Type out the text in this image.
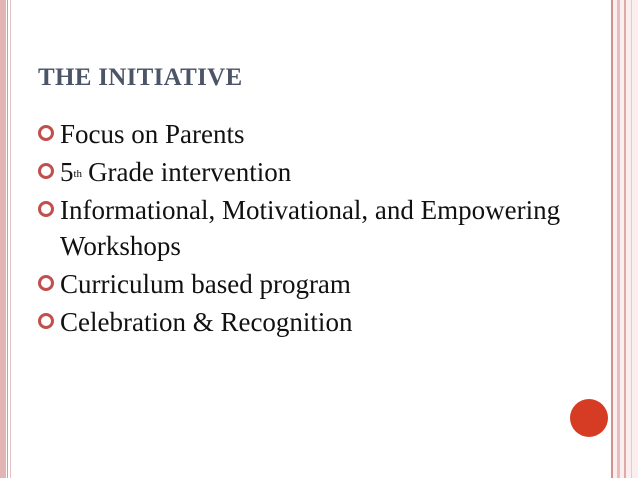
THE INITIATIVE
Focus on Parents
5th Grade intervention
Informational, Motivational, and Empowering Workshops
Curriculum based program
Celebration & Recognition
